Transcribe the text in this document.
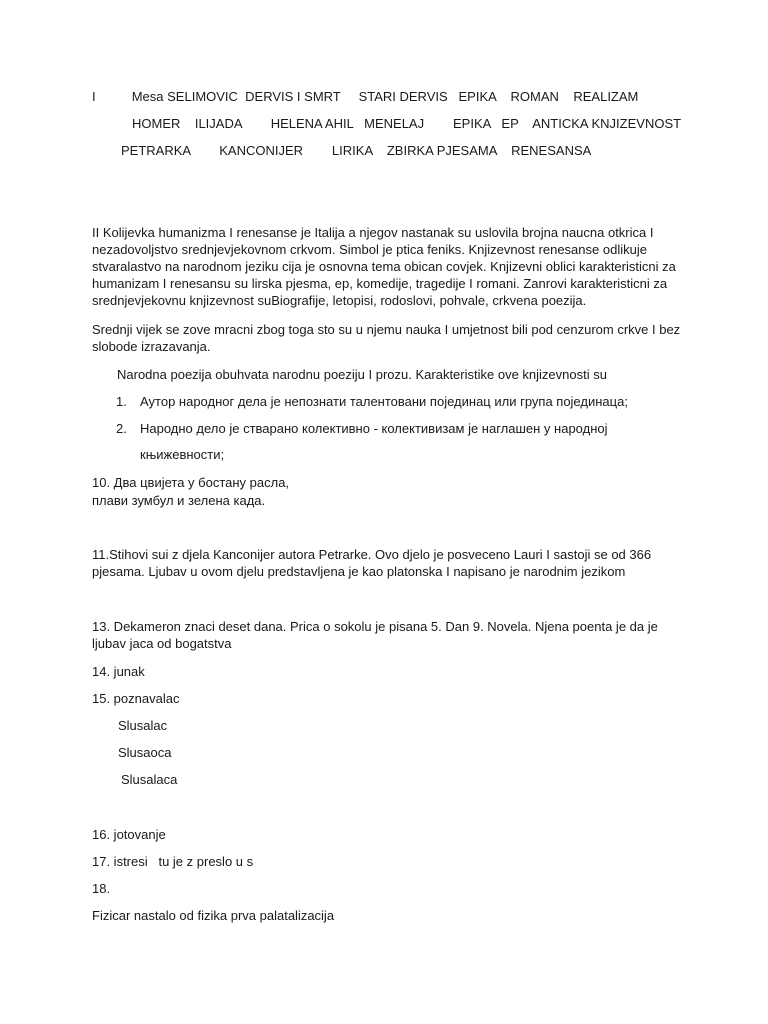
I          Mesa SELIMOVIC  DERVIS I SMRT     STARI DERVIS   EPIKA    ROMAN    REALIZAM
HOMER    ILIJADA        HELENA AHIL   MENELAJ        EPIKA   EP    ANTICKA KNJIZEVNOST
PETRARKA        KANCONIJER        LIRIKA    ZBIRKA PJESAMA    RENESANSA
II Kolijevka humanizma I renesanse je Italija a njegov nastanak su uslovila brojna naucna otkrica I nezadovoljstvo srednjevjekovnom crkvom. Simbol je ptica feniks. Knjizevnost renesanse odlikuje stvaralastvo na narodnom jeziku cija je osnovna tema obican covjek. Knjizevni oblici karakteristicni za humanizam I renesansu su lirska pjesma, ep, komedije, tragedije I romani. Zanrovi karakteristicni za srednjevjekovnu knjizevnost suBiografije, letopisi, rodoslovi, pohvale, crkvena poezija.
Srednji vijek se zove mracni zbog toga sto su u njemu nauka I umjetnost bili pod cenzurom crkve I bez slobode izrazavanja.
Narodna poezija obuhvata narodnu poeziju I prozu. Karakteristike ove knjizevnosti su
1. Аутор народног дела је непознати талентовани појединац или група појединаца;
2. Народно дело је стварано колективно - колективизам је наглашен у народној
књижевности;
10. Два цвијета у бостану расла,
плави зумбул и зелена када.
11.Stihovi sui z djela Kanconijer autora Petrarke. Ovo djelo je posveceno Lauri I sastoji se od 366 pjesama. Ljubav u ovom djelu predstavljena je kao platonska I napisano je narodnim jezikom
13. Dekameron znaci deset dana. Prica o sokolu je pisana 5. Dan 9. Novela. Njena poenta je da je ljubav jaca od bogatstva
14. junak
15. poznavalac
Slusalac
Slusaoca
Slusalaca
16. jotovanje
17. istresi   tu je z preslo u s
18.
Fizicar nastalo od fizika prva palatalizacija
